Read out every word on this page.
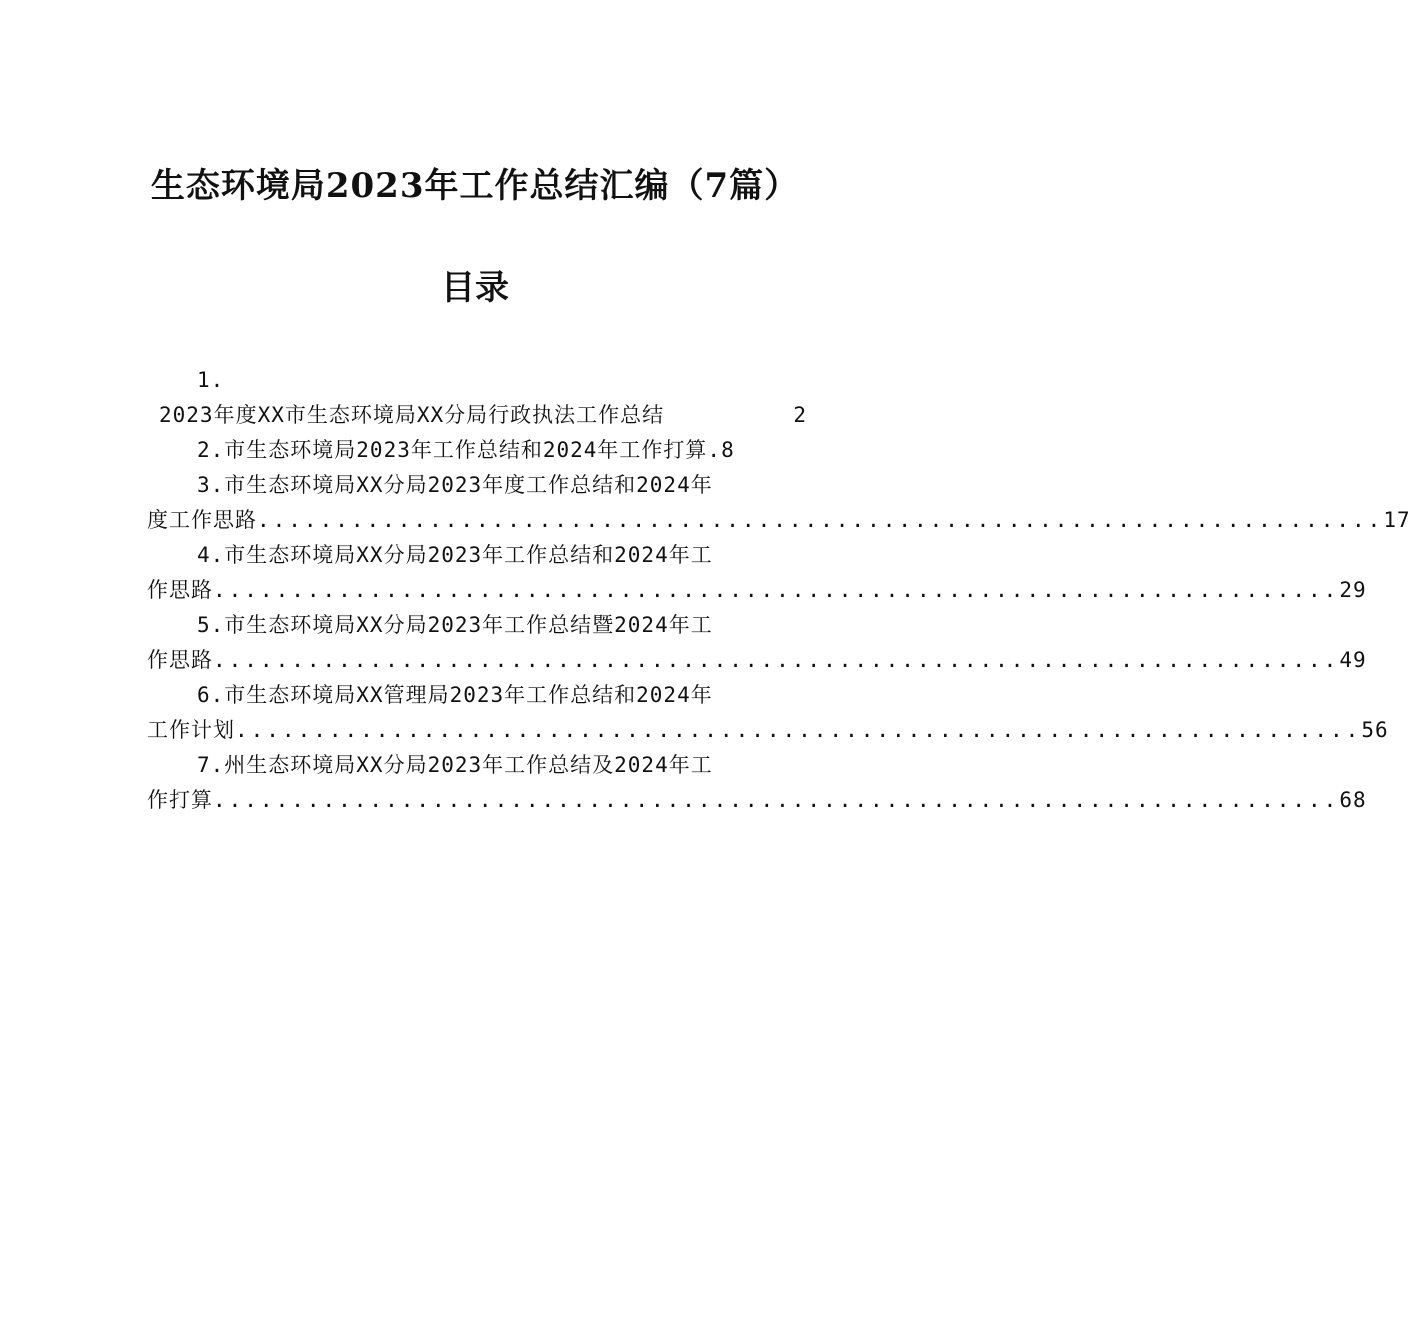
生态环境局2023年工作总结汇编（7篇）
目录
1.
2023年度XX市生态环境局XX分局行政执法工作总结	2
2.市生态环境局2023年工作总结和2024年工作打算. 8
3.市生态环境局XX分局2023年度工作总结和2024年
度工作思路 ........................................................................ 17
4.市生态环境局XX分局2023年工作总结和2024年工
作思路 ........................................................................ 29
5.市生态环境局XX分局2023年工作总结暨2024年工
作思路 ........................................................................ 49
6.市生态环境局XX管理局2023年工作总结和2024年
工作计划 ........................................................................ 56
7.州生态环境局XX分局2023年工作总结及2024年工
作打算 ........................................................................ 68
